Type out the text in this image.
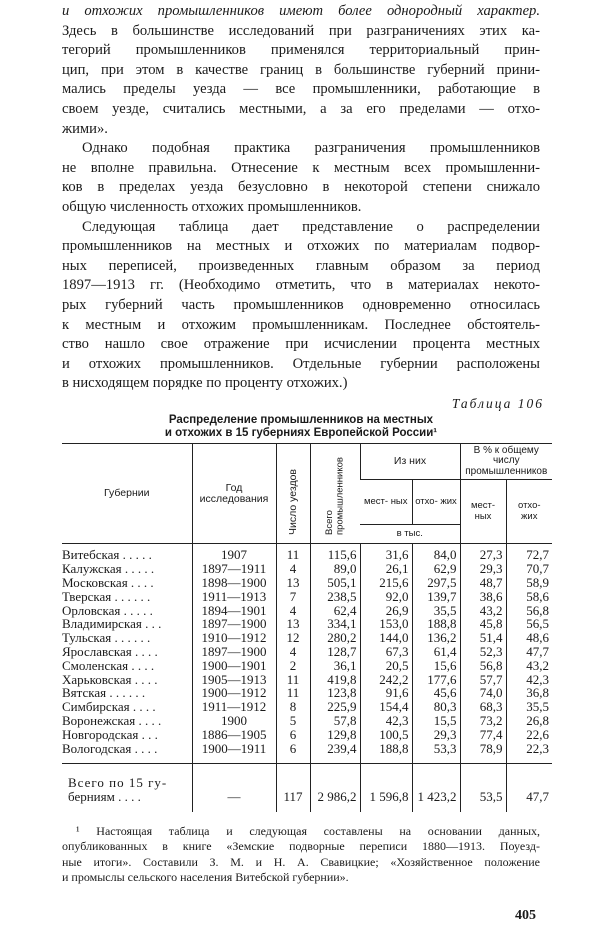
и отхожих промышленников имеют более однородный характер.
Здесь в большинстве исследований при разграничениях этих ка-
тегорий промышленников применялся территориальный прин-
цип, при этом в качестве границ в большинстве губерний прини-
мались пределы уезда — все промышленники, работающие в
своем уезде, считались местными, а за его пределами — отхо-
жими».
Однако подобная практика разграничения промышленников
не вполне правильна. Отнесение к местным всех промышленни-
ков в пределах уезда безусловно в некоторой степени снижало
общую численность отхожих промышленников.
Следующая таблица дает представление о распределении
промышленников на местных и отхожих по материалам подвор-
ных переписей, произведенных главным образом за период
1897—1913 гг. (Необходимо отметить, что в материалах некото-
рых губерний часть промышленников одновременно относилась
к местным и отхожим промышленникам. Последнее обстоятель-
ство нашло свое отражение при исчислении процента местных
и отхожих промышленников. Отдельные губернии расположены
в нисходящем порядке по проценту отхожих.)
Таблица 106
Распределение промышленников на местных
и отхожих в 15 губерниях Европейской России¹
Губернии	Год исследования	Число уездов	Всего промышленников	Из них		В % к общему числу промышленников	
				мест- ных	отхо- жих	мест- ных	отхо- жих
				в тыс.			
Витебская . . . . .	1907	11	115,6	31,6	84,0	27,3	72,7
Калужская . . . . .	1897—1911	4	89,0	26,1	62,9	29,3	70,7
Московская . . . .	1898—1900	13	505,1	215,6	297,5	48,7	58,9
Тверская . . . . . .	1911—1913	7	238,5	92,0	139,7	38,6	58,6
Орловская . . . . .	1894—1901	4	62,4	26,9	35,5	43,2	56,8
Владимирская . . .	1897—1900	13	334,1	153,0	188,8	45,8	56,5
Тульская . . . . . .	1910—1912	12	280,2	144,0	136,2	51,4	48,6
Ярославская . . . .	1897—1900	4	128,7	67,3	61,4	52,3	47,7
Смоленская . . . .	1900—1901	2	36,1	20,5	15,6	56,8	43,2
Харьковская . . . .	1905—1913	11	419,8	242,2	177,6	57,7	42,3
Вятская . . . . . .	1900—1912	11	123,8	91,6	45,6	74,0	36,8
Симбирская . . . .	1911—1912	8	225,9	154,4	80,3	68,3	35,5
Воронежская . . . .	1900	5	57,8	42,3	15,5	73,2	26,8
Новгородская . . .	1886—1905	6	129,8	100,5	29,3	77,4	22,6
Вологодская . . . .	1900—1911	6	239,4	188,8	53,3	78,9	22,3

Всего по 15 гу-
берниям . . . .	—	117	2 986,2	1 596,8	1 423,2	53,5	47,7
¹ Настоящая таблица и следующая составлены на основании данных,
опубликованных в книге «Земские подворные переписи 1880—1913. Поуезд-
ные итоги». Составили З. М. и Н. А. Свавицкие; «Хозяйственное положение
и промыслы сельского населения Витебской губернии».
405
